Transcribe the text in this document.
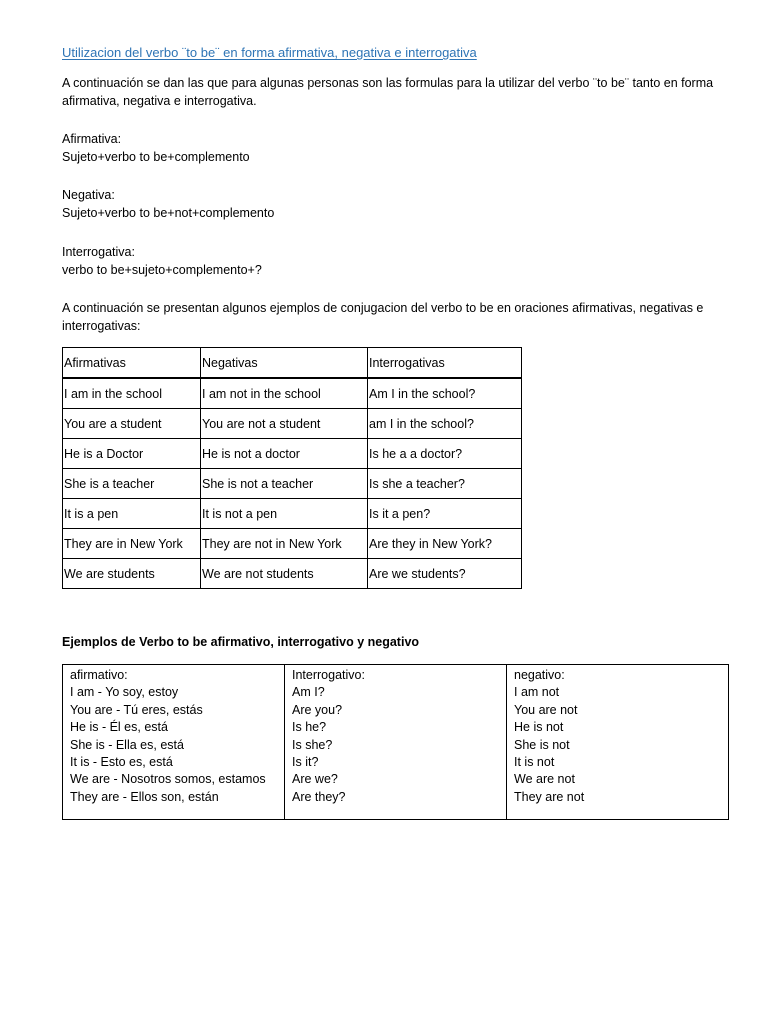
Utilizacion del verbo ¨to be¨ en forma afirmativa, negativa e interrogativa
A continuación se dan las que para algunas personas son las formulas para la utilizar del verbo ¨to be¨ tanto en forma afirmativa, negativa e interrogativa.
Afirmativa:
Sujeto+verbo to be+complemento
Negativa:
Sujeto+verbo to be+not+complemento
Interrogativa:
verbo to be+sujeto+complemento+?
A continuación se presentan algunos ejemplos de conjugacion del verbo to be en oraciones afirmativas, negativas e interrogativas:
Afirmativas	Negativas	Interrogativas
I am in the school	I am not in the school	Am I in the school?
You are a student	You are not a student	am I in the school?
He is a Doctor	He is not a doctor	Is he a a doctor?
She is a teacher	She is not a teacher	Is she a teacher?
It is a pen	It is not a pen	Is it a pen?
They are in New York	They are not in New York	Are they in New York?
We are students	We are not students	Are we students?
Ejemplos de Verbo to be afirmativo, interrogativo y negativo
afirmativo:
I am - Yo soy, estoy
You are - Tú eres, estás
He is - Él es, está
She is - Ella es, está
It is - Esto es, está
We are - Nosotros somos, estamos
They are - Ellos son, están

Interrogativo:
Am I?
Are you?
Is he?
Is she?
Is it?
Are we?
Are they?

negativo:
I am not
You are not
He is not
She is not
It is not
We are not
They are not
